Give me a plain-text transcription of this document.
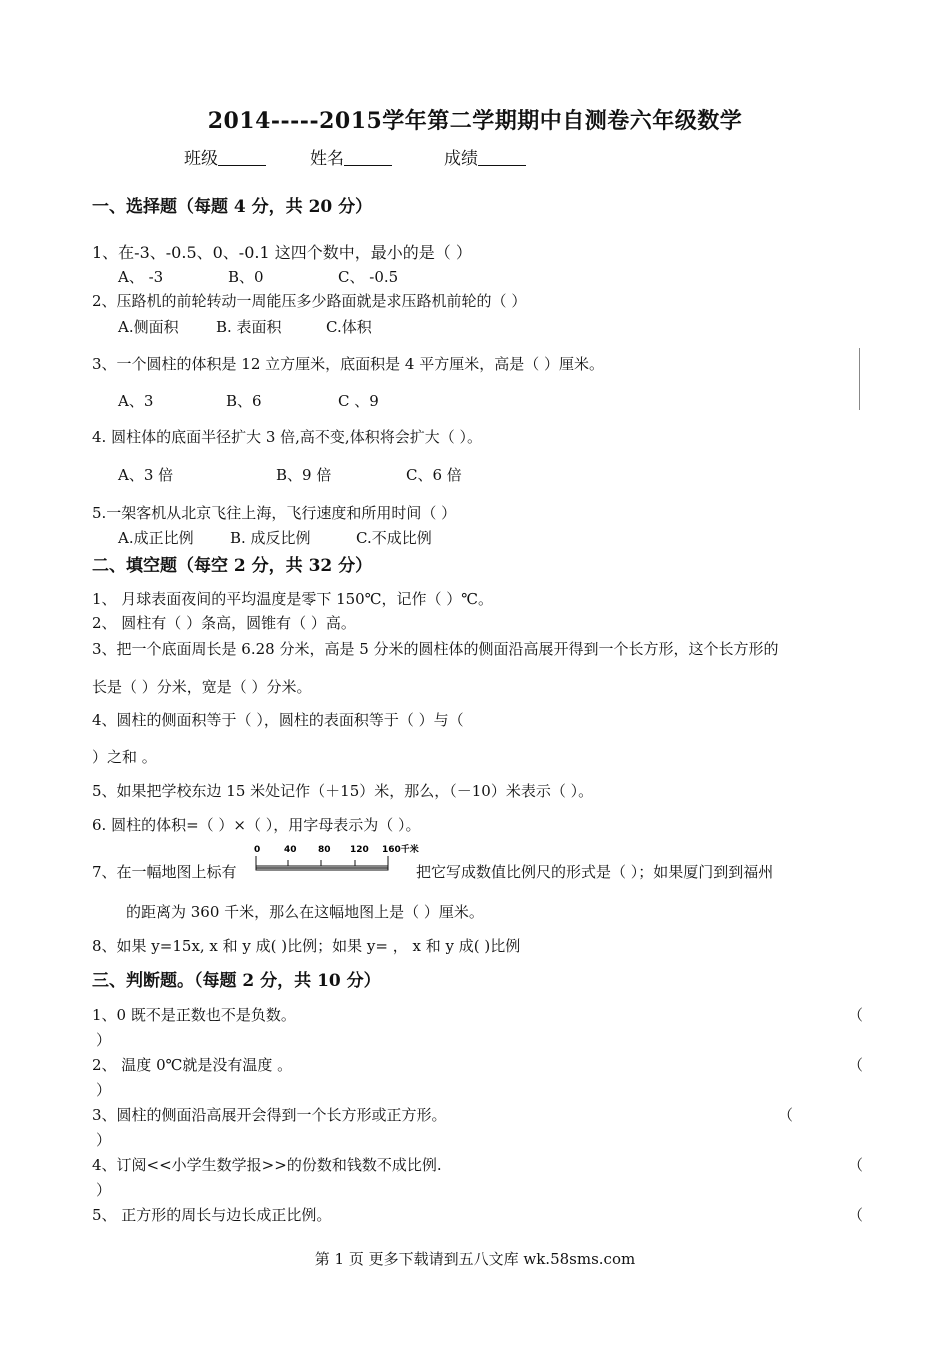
2014-----2015学年第二学期期中自测卷六年级数学
班级	姓名	成绩
一、选择题（每题 4 分，共 20 分）
1、在-3、-0.5、0、-0.1 这四个数中，最小的是（ ）
A、 -3	B、0	C、 -0.5
2、压路机的前轮转动一周能压多少路面就是求压路机前轮的（ ）
A.侧面积 B. 表面积	C.体积
3、一个圆柱的体积是 12 立方厘米，底面积是 4 平方厘米，高是（ ）厘米。
A、3	B、6	C 、9
4. 圆柱体的底面半径扩大 3 倍,高不变,体积将会扩大（ ）。
A、3 倍	B、9 倍	C、6 倍
5.一架客机从北京飞往上海，飞行速度和所用时间（ ）
A.成正比例 B. 成反比例	C.不成比例
二、填空题（每空 2 分，共 32 分）
1、 月球表面夜间的平均温度是零下 150℃，记作（ ）℃。
2、 圆柱有（ ）条高，圆锥有（ ）高。
3、把一个底面周长是 6.28 分米，高是 5 分米的圆柱体的侧面沿高展开得到一个长方形，这个长方形的
长是（ ）分米，宽是（ ）分米。
4、圆柱的侧面积等于（ ），圆柱的表面积等于（ ）与（
）之和 。
5、如果把学校东边 15 米处记作（＋15）米，那么，（－10）米表示（ ）。
6. 圆柱的体积=（ ）×（ ），用字母表示为（ ）。
7、在一幅地图上标有
0	40 80 120 160千米
把它写成数值比例尺的形式是（ ）；如果厦门到到福州
的距离为 360 千米，那么在这幅地图上是（ ）厘米。
8、如果 y=15x, x 和 y 成( )比例；如果 y= ， x 和 y 成( )比例
三、判断题。（每题 2 分，共 10 分）
1、0 既不是正数也不是负数。	（
）
2、 温度 0℃就是没有温度 。	（
）
3、圆柱的侧面沿高展开会得到一个长方形或正方形。	（
）
4、订阅<<小学生数学报>>的份数和钱数不成比例.	（
）
5、 正方形的周长与边长成正比例。	（
第 1 页 更多下载请到五八文库 wk.58sms.com
